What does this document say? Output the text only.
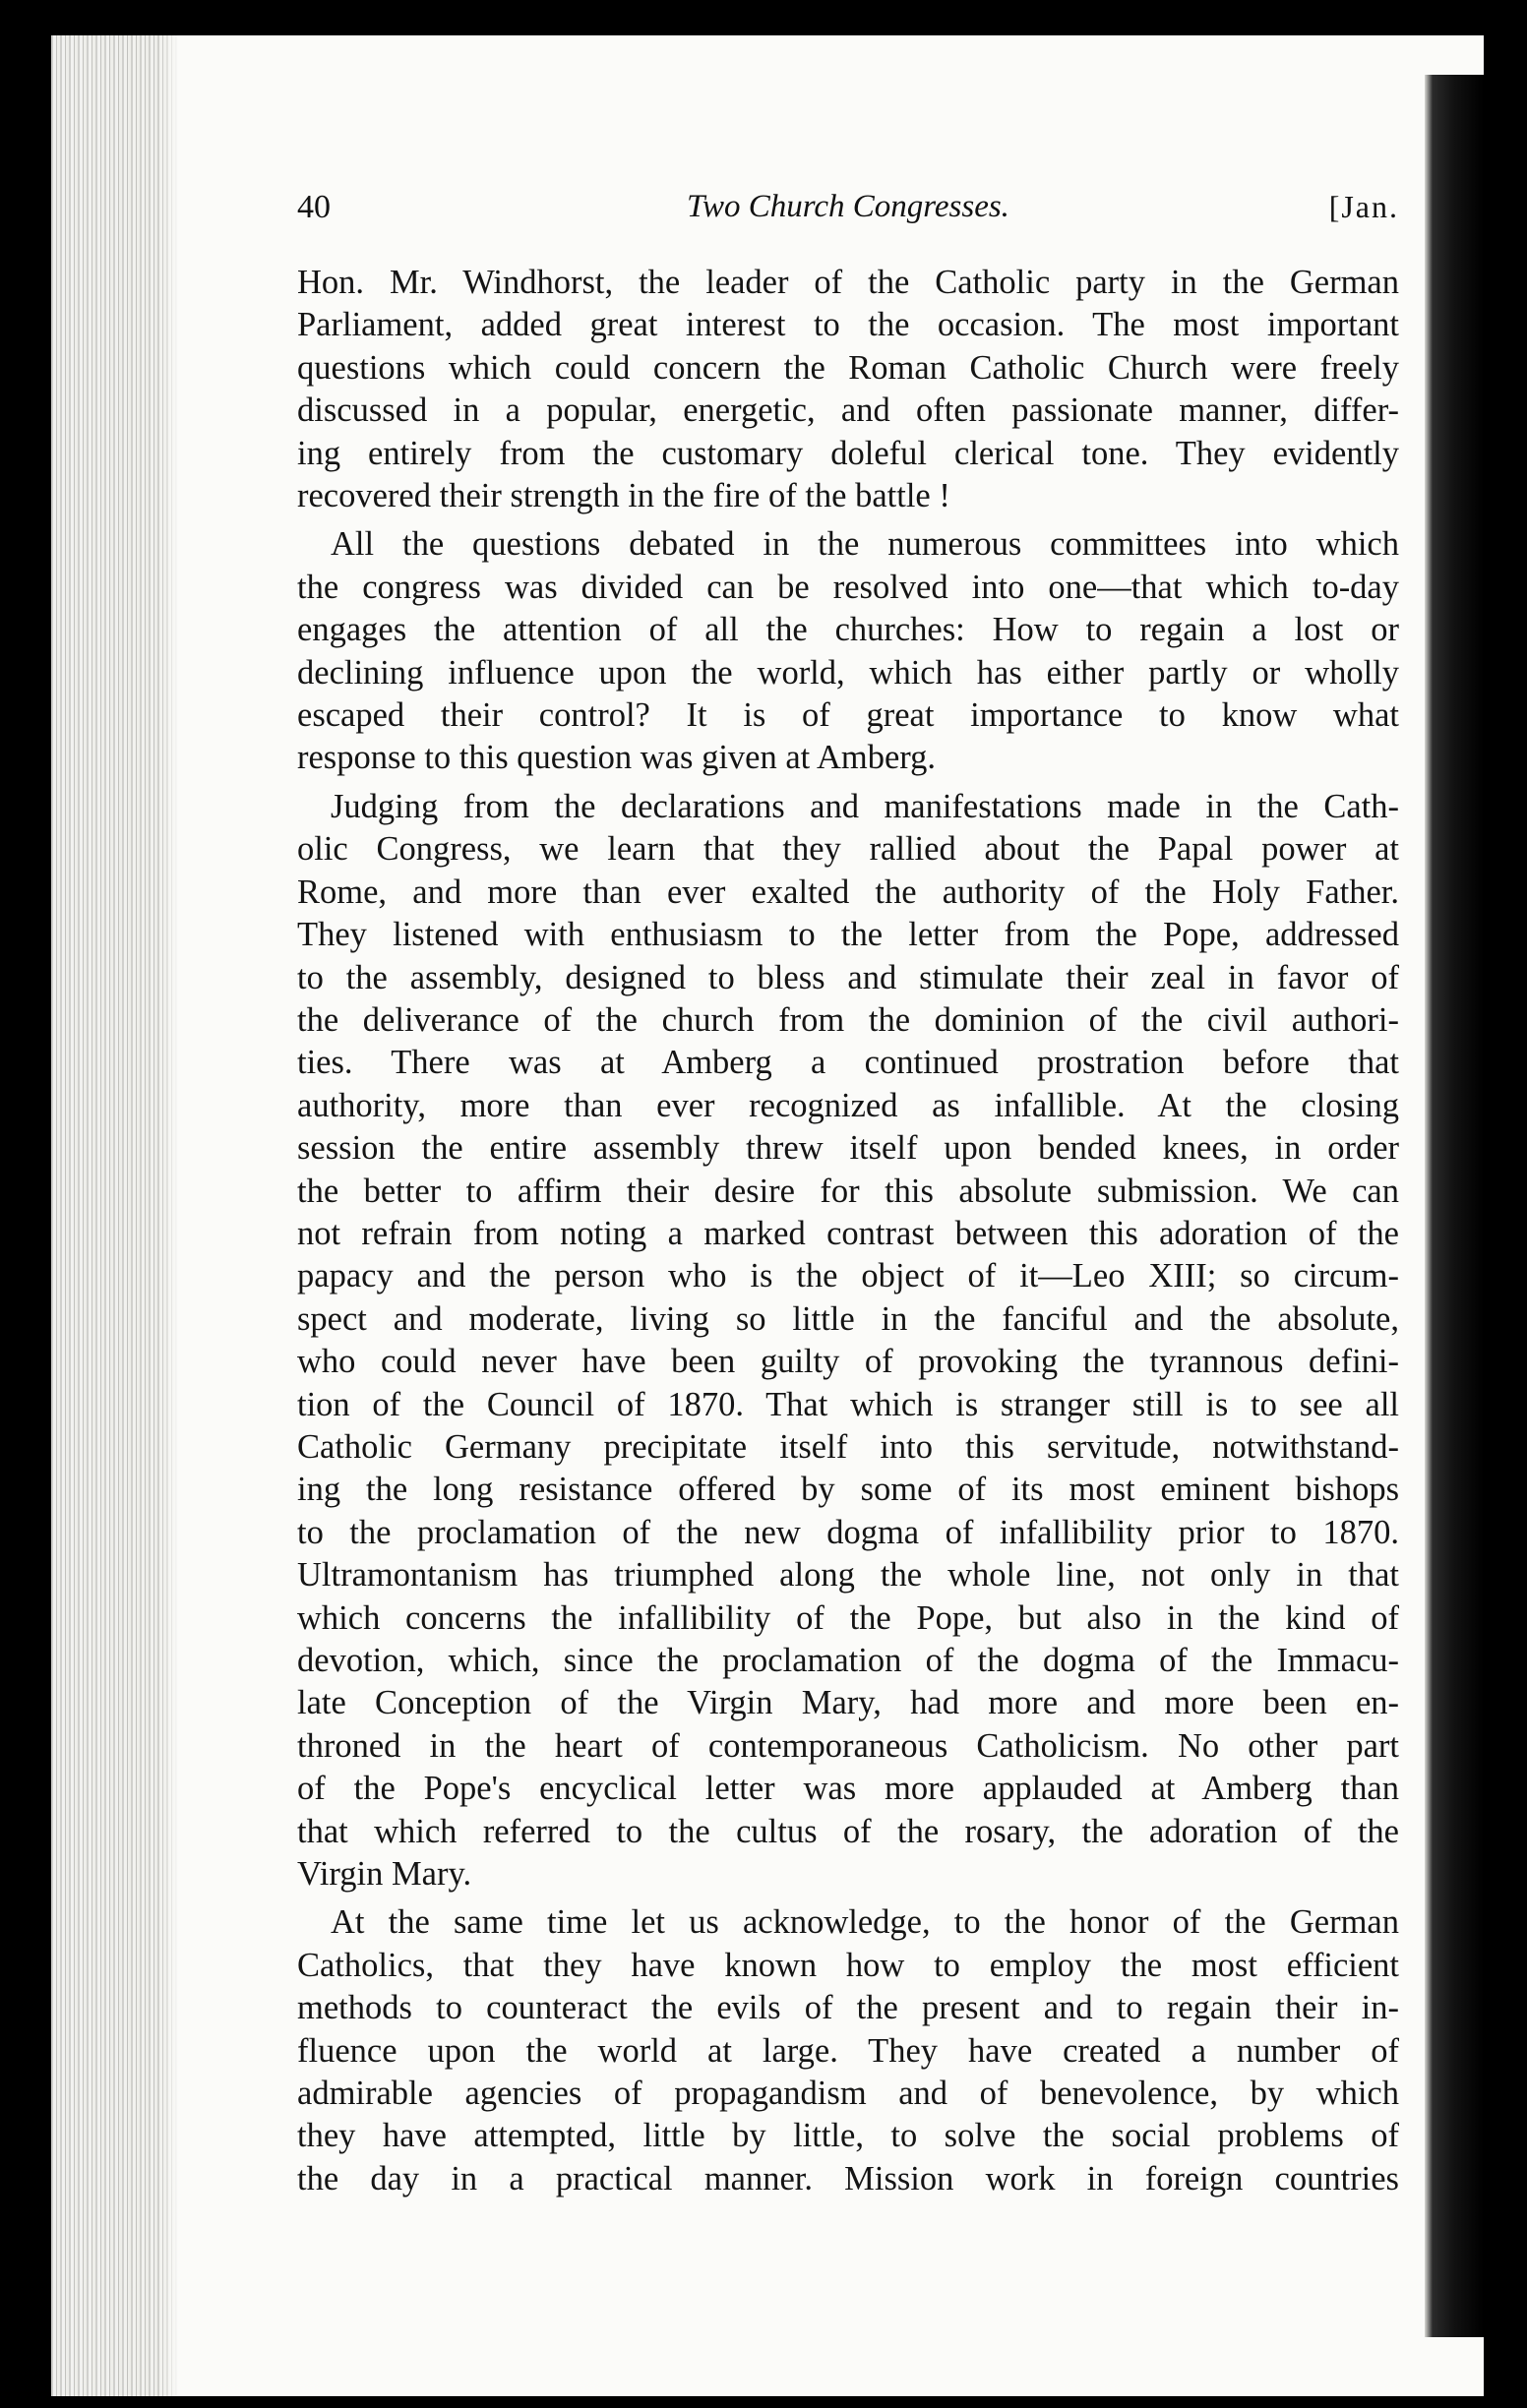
40	Two Church Congresses.	[Jan.

Hon. Mr. Windhorst, the leader of the Catholic party in the German
Parliament, added great interest to the occasion. The most important
questions which could concern the Roman Catholic Church were freely
discussed in a popular, energetic, and often passionate manner, differ-
ing entirely from the customary doleful clerical tone. They evidently
recovered their strength in the fire of the battle !

All the questions debated in the numerous committees into which
the congress was divided can be resolved into one—that which to-day
engages the attention of all the churches: How to regain a lost or
declining influence upon the world, which has either partly or wholly
escaped their control? It is of great importance to know what
response to this question was given at Amberg.

Judging from the declarations and manifestations made in the Cath-
olic Congress, we learn that they rallied about the Papal power at
Rome, and more than ever exalted the authority of the Holy Father.
They listened with enthusiasm to the letter from the Pope, addressed
to the assembly, designed to bless and stimulate their zeal in favor of
the deliverance of the church from the dominion of the civil authori-
ties. There was at Amberg a continued prostration before that
authority, more than ever recognized as infallible. At the closing
session the entire assembly threw itself upon bended knees, in order
the better to affirm their desire for this absolute submission. We can
not refrain from noting a marked contrast between this adoration of the
papacy and the person who is the object of it—Leo XIII; so circum-
spect and moderate, living so little in the fanciful and the absolute,
who could never have been guilty of provoking the tyrannous defini-
tion of the Council of 1870. That which is stranger still is to see all
Catholic Germany precipitate itself into this servitude, notwithstand-
ing the long resistance offered by some of its most eminent bishops
to the proclamation of the new dogma of infallibility prior to 1870.
Ultramontanism has triumphed along the whole line, not only in that
which concerns the infallibility of the Pope, but also in the kind of
devotion, which, since the proclamation of the dogma of the Immacu-
late Conception of the Virgin Mary, had more and more been en-
throned in the heart of contemporaneous Catholicism. No other part
of the Pope's encyclical letter was more applauded at Amberg than
that which referred to the cultus of the rosary, the adoration of the
Virgin Mary.

At the same time let us acknowledge, to the honor of the German
Catholics, that they have known how to employ the most efficient
methods to counteract the evils of the present and to regain their in-
fluence upon the world at large. They have created a number of
admirable agencies of propagandism and of benevolence, by which
they have attempted, little by little, to solve the social problems of
the day in a practical manner. Mission work in foreign countries
